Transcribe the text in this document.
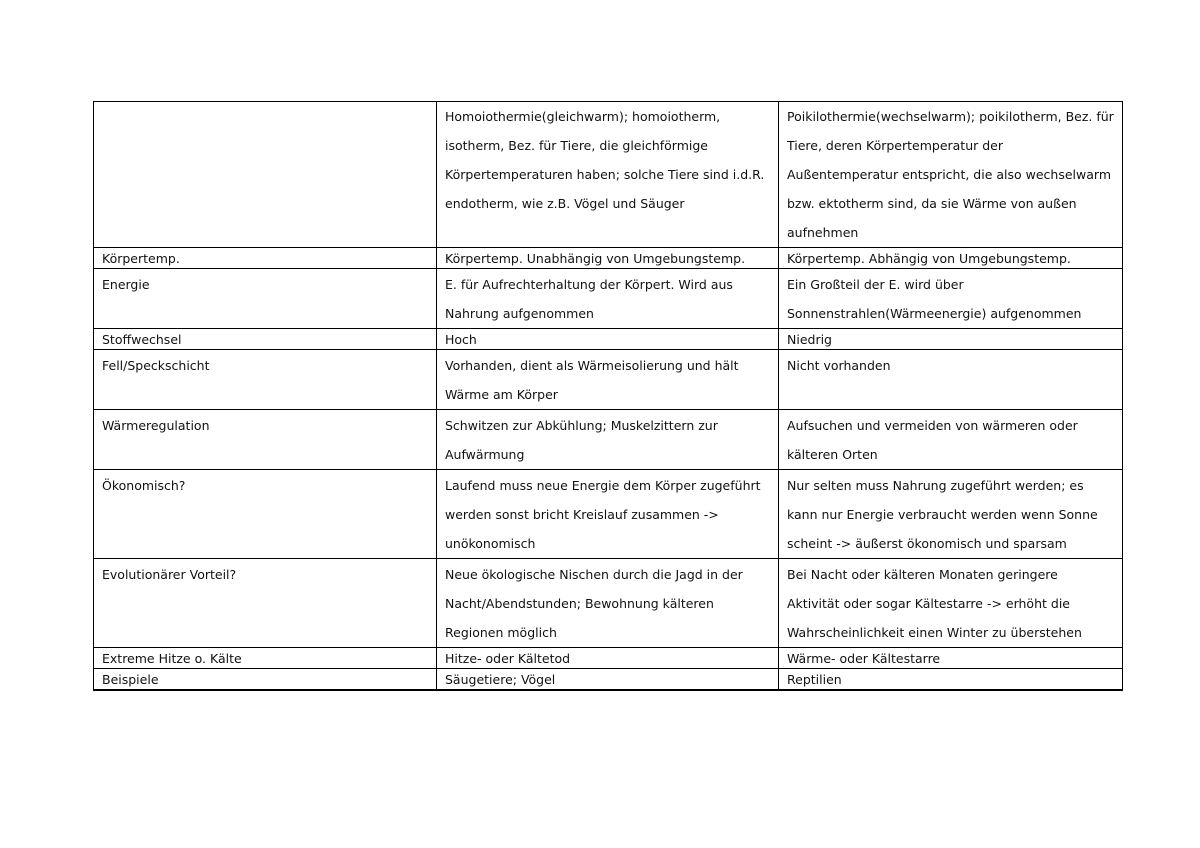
	Homoiothermie(gleichwarm); homoiotherm, isotherm, Bez. für Tiere, die gleichförmige Körpertemperaturen haben; solche Tiere sind i.d.R. endotherm, wie z.B. Vögel und Säuger	Poikilothermie(wechselwarm); poikilotherm, Bez. für Tiere, deren Körpertemperatur der Außentemperatur entspricht, die also wechselwarm bzw. ektotherm sind, da sie Wärme von außen aufnehmen
Körpertemp.	Körpertemp. Unabhängig von Umgebungstemp.	Körpertemp. Abhängig von Umgebungstemp.
Energie	E. für Aufrechterhaltung der Körpert. Wird aus Nahrung aufgenommen	Ein Großteil der E. wird über Sonnenstrahlen(Wärmeenergie) aufgenommen
Stoffwechsel	Hoch	Niedrig
Fell/Speckschicht	Vorhanden, dient als Wärmeisolierung und hält Wärme am Körper	Nicht vorhanden
Wärmeregulation	Schwitzen zur Abkühlung; Muskelzittern zur Aufwärmung	Aufsuchen und vermeiden von wärmeren oder kälteren Orten
Ökonomisch?	Laufend muss neue Energie dem Körper zugeführt werden sonst bricht Kreislauf zusammen -> unökonomisch	Nur selten muss Nahrung zugeführt werden; es kann nur Energie verbraucht werden wenn Sonne scheint -> äußerst ökonomisch und sparsam
Evolutionärer Vorteil?	Neue ökologische Nischen durch die Jagd in der Nacht/Abendstunden; Bewohnung kälteren Regionen möglich	Bei Nacht oder kälteren Monaten geringere Aktivität oder sogar Kältestarre -> erhöht die Wahrscheinlichkeit einen Winter zu überstehen
Extreme Hitze o. Kälte	Hitze- oder Kältetod	Wärme- oder Kältestarre
Beispiele	Säugetiere; Vögel	Reptilien
